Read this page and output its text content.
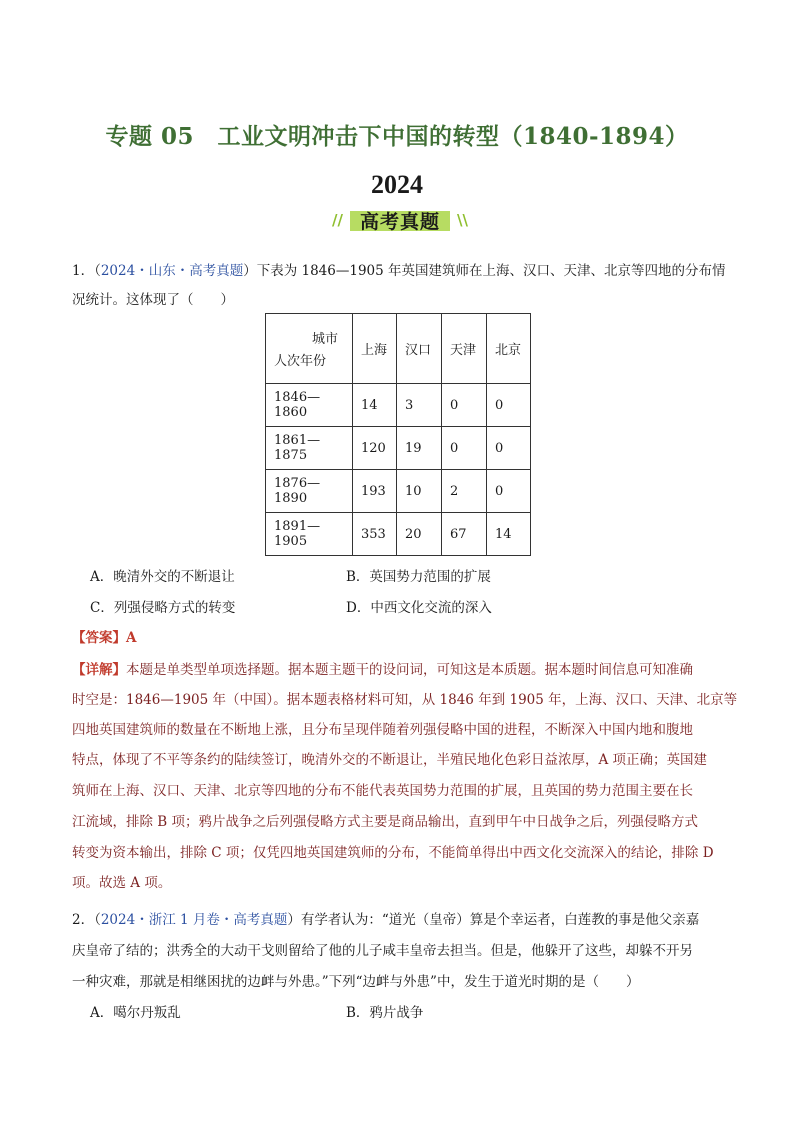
专题 05　工业文明冲击下中国的转型（1840-1894）
2024
// 高考真题	\\
1．（2024・山东・高考真题）下表为 1846—1905 年英国建筑师在上海、汉口、天津、北京等四地的分布情
况统计。这体现了（　　）
城市
人次年份	上海	汉口	天津	北京
1846—1860	14	3	0	0
1861—1875	120	19	0	0
1876—1890	193	10	2	0
1891—1905	353	20	67	14
A．晚清外交的不断退让	B．英国势力范围的扩展
C．列强侵略方式的转变	D．中西文化交流的深入
【答案】A
【详解】本题是单类型单项选择题。据本题主题干的设问词，可知这是本质题。据本题时间信息可知准确
时空是：1846—1905 年（中国）。据本题表格材料可知，从 1846 年到 1905 年，上海、汉口、天津、北京等
四地英国建筑师的数量在不断地上涨，且分布呈现伴随着列强侵略中国的进程，不断深入中国内地和腹地
特点，体现了不平等条约的陆续签订，晚清外交的不断退让，半殖民地化色彩日益浓厚，A 项正确；英国建
筑师在上海、汉口、天津、北京等四地的分布不能代表英国势力范围的扩展，且英国的势力范围主要在长
江流域，排除 B 项；鸦片战争之后列强侵略方式主要是商品输出，直到甲午中日战争之后，列强侵略方式
转变为资本输出，排除 C 项；仅凭四地英国建筑师的分布，不能简单得出中西文化交流深入的结论，排除 D
项。故选 A 项。
2．（2024・浙江 1 月卷・高考真题）有学者认为：“道光（皇帝）算是个幸运者，白莲教的事是他父亲嘉
庆皇帝了结的；洪秀全的大动干戈则留给了他的儿子咸丰皇帝去担当。但是，他躲开了这些，却躲不开另
一种灾难，那就是相继困扰的边衅与外患。”下列“边衅与外患”中，发生于道光时期的是（　　）
A．噶尔丹叛乱	B．鸦片战争
